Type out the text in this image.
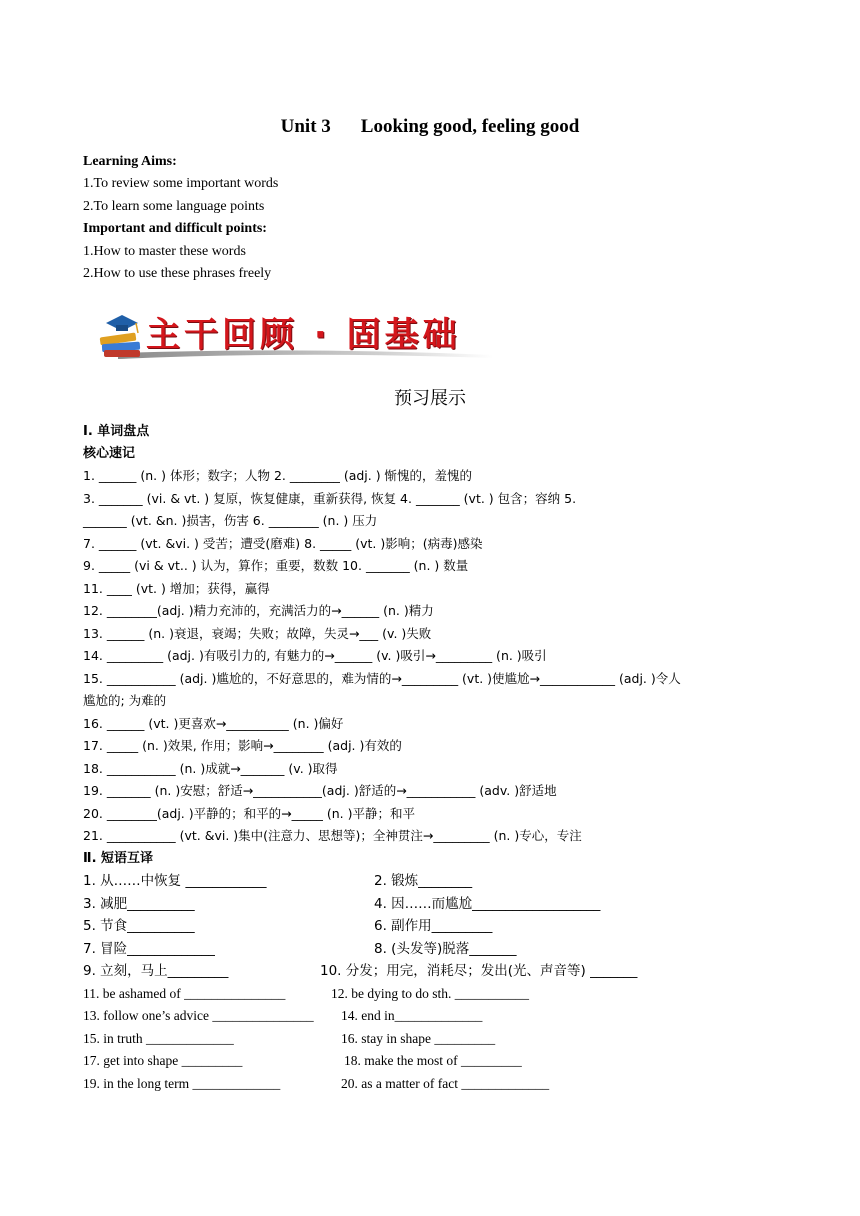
Unit 3 Looking good, feeling good
Learning Aims:
1.To review some important words
2.To learn some language points
Important and difficult points:
1.How to master these words
2.How to use these phrases freely
主干回顾 · 固基础
预习展示
Ⅰ. 单词盘点
核心速记
1. ______ (n. ) 体形；数字；人物 2. ________ (adj. ) 惭愧的，羞愧的
3. _______ (vi. & vt. ) 复原，恢复健康，重新获得, 恢复 4. _______ (vt. ) 包含；容纳 5.
_______ (vt. &n. )损害，伤害 6. ________ (n. ) 压力
7. ______ (vt. &vi. ) 受苦；遭受(磨难) 8. _____ (vt. )影响；(病毒)感染
9. _____ (vi & vt.. ) 认为，算作；重要，数数 10. _______ (n. ) 数量
11. ____ (vt. ) 增加；获得，赢得
12. ________(adj. )精力充沛的，充满活力的→______ (n. )精力
13. ______ (n. )衰退，衰竭；失败；故障，失灵→___ (v. )失败
14. _________ (adj. )有吸引力的, 有魅力的→______ (v. )吸引→_________ (n. )吸引
15. ___________ (adj. )尴尬的，不好意思的，难为情的→_________ (vt. )使尴尬→____________ (adj. )令人
尴尬的; 为难的
16. ______ (vt. )更喜欢→__________ (n. )偏好
17. _____ (n. )效果, 作用；影响→________ (adj. )有效的
18. ___________ (n. )成就→_______ (v. )取得
19. _______ (n. )安慰；舒适→___________(adj. )舒适的→___________ (adv. )舒适地
20. ________(adj. )平静的；和平的→_____ (n. )平静；和平
21. ___________ (vt. &vi. )集中(注意力、思想等)；全神贯注→_________ (n. )专心，专注
Ⅱ. 短语互译
1. 从……中恢复 ____________	2. 锻炼________
3. 减肥__________	4. 因……而尴尬___________________
5. 节食__________	6. 副作用_________
7. 冒险_____________	8. (头发等)脱落_______
9. 立刻，马上_________	10. 分发；用完，消耗尽；发出(光、声音等) _______
11. be ashamed of _______________	12. be dying to do sth. ___________
13. follow one’s advice _______________ 14. end in_____________
15. in truth _____________	16. stay in shape _________
17. get into shape _________	18. make the most of _________
19. in the long term _____________	20. as a matter of fact _____________
